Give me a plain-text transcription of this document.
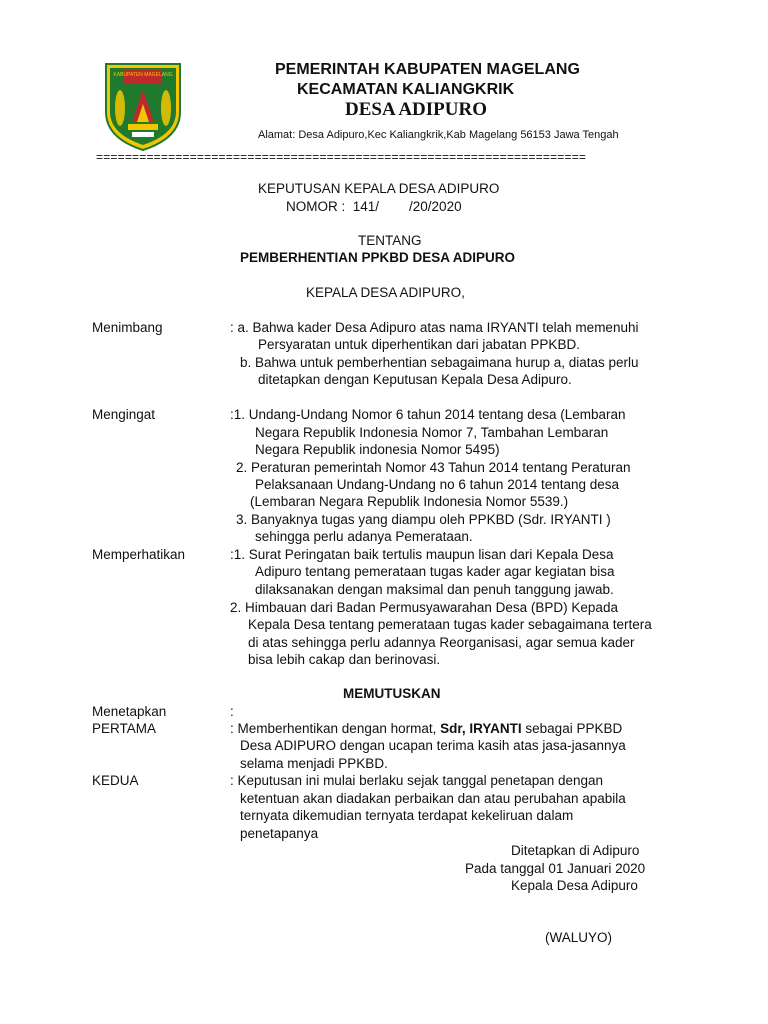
KABUPATEN MAGELANG	PEMERINTAH KABUPATEN MAGELANG
KECAMATAN KALIANGKRIK
DESA ADIPURO
Alamat: Desa Adipuro,Kec Kaliangkrik,Kab Magelang 56153 Jawa Tengah
====================================================================
KEPUTUSAN KEPALA DESA ADIPURO
NOMOR :  141/        /20/2020
TENTANG
PEMBERHENTIAN PPKBD DESA ADIPURO
KEPALA DESA ADIPURO,
Menimbang	: a. Bahwa kader Desa Adipuro atas nama IRYANTI telah memenuhi
Persyaratan untuk diperhentikan dari jabatan PPKBD.
b. Bahwa untuk pemberhentian sebagaimana hurup a, diatas perlu
ditetapkan dengan Keputusan Kepala Desa Adipuro.
Mengingat	:1. Undang-Undang Nomor 6 tahun 2014 tentang desa (Lembaran
Negara Republik Indonesia Nomor 7, Tambahan Lembaran
Negara Republik indonesia Nomor 5495)
2. Peraturan pemerintah Nomor 43 Tahun 2014 tentang Peraturan
Pelaksanaan Undang-Undang no 6 tahun 2014 tentang desa
(Lembaran Negara Republik Indonesia Nomor 5539.)
3. Banyaknya tugas yang diampu oleh PPKBD (Sdr. IRYANTI )
sehingga perlu adanya Pemerataan.
Memperhatikan	:1. Surat Peringatan baik tertulis maupun lisan dari Kepala Desa
Adipuro tentang pemerataan tugas kader agar kegiatan bisa
dilaksanakan dengan maksimal dan penuh tanggung jawab.
2. Himbauan dari Badan Permusyawarahan Desa (BPD) Kepada
Kepala Desa tentang pemerataan tugas kader sebagaimana tertera
di atas sehingga perlu adannya Reorganisasi, agar semua kader
bisa lebih cakap dan berinovasi.
MEMUTUSKAN
Menetapkan	:
PERTAMA	: Memberhentikan dengan hormat, Sdr, IRYANTI sebagai PPKBD
Desa ADIPURO dengan ucapan terima kasih atas jasa-jasannya
selama menjadi PPKBD.
KEDUA	: Keputusan ini mulai berlaku sejak tanggal penetapan dengan
ketentuan akan diadakan perbaikan dan atau perubahan apabila
ternyata dikemudian ternyata terdapat kekeliruan dalam
penetapanya
Ditetapkan di Adipuro
Pada tanggal 01 Januari 2020
Kepala Desa Adipuro
(WALUYO)
